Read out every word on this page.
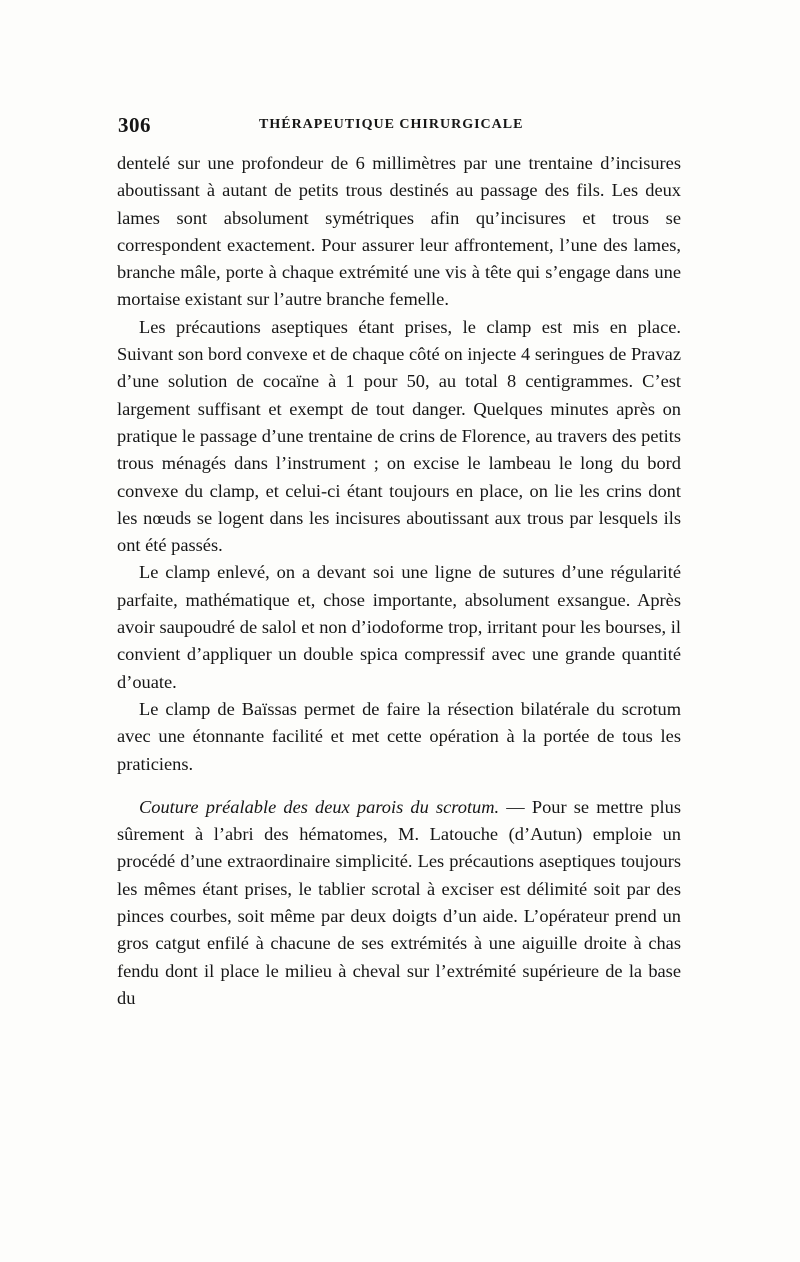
306	THÉRAPEUTIQUE CHIRURGICALE

dentelé sur une profondeur de 6 millimètres par une trentaine d’incisures aboutissant à autant de petits trous destinés au passage des fils. Les deux lames sont absolument symétriques afin qu’incisures et trous se correspondent exactement. Pour assurer leur affrontement, l’une des lames, branche mâle, porte à chaque extrémité une vis à tête qui s’engage dans une mortaise existant sur l’autre branche femelle.

Les précautions aseptiques étant prises, le clamp est mis en place. Suivant son bord convexe et de chaque côté on injecte 4 seringues de Pravaz d’une solution de cocaïne à 1 pour 50, au total 8 centigrammes. C’est largement suffisant et exempt de tout danger. Quelques minutes après on pratique le passage d’une trentaine de crins de Florence, au travers des petits trous ménagés dans l’instrument ; on excise le lambeau le long du bord convexe du clamp, et celui-ci étant toujours en place, on lie les crins dont les nœuds se logent dans les incisures aboutissant aux trous par lesquels ils ont été passés.

Le clamp enlevé, on a devant soi une ligne de sutures d’une régularité parfaite, mathématique et, chose importante, absolument exsangue. Après avoir saupoudré de salol et non d’iodoforme trop, irritant pour les bourses, il convient d’appliquer un double spica compressif avec une grande quantité d’ouate.

Le clamp de Baïssas permet de faire la résection bilatérale du scrotum avec une étonnante facilité et met cette opération à la portée de tous les praticiens.

Couture préalable des deux parois du scrotum. — Pour se mettre plus sûrement à l’abri des hématomes, M. Latouche (d’Autun) emploie un procédé d’une extraordinaire simplicité. Les précautions aseptiques toujours les mêmes étant prises, le tablier scrotal à exciser est délimité soit par des pinces courbes, soit même par deux doigts d’un aide. L’opérateur prend un gros catgut enfilé à chacune de ses extrémités à une aiguille droite à chas fendu dont il place le milieu à cheval sur l’extrémité supérieure de la base du
